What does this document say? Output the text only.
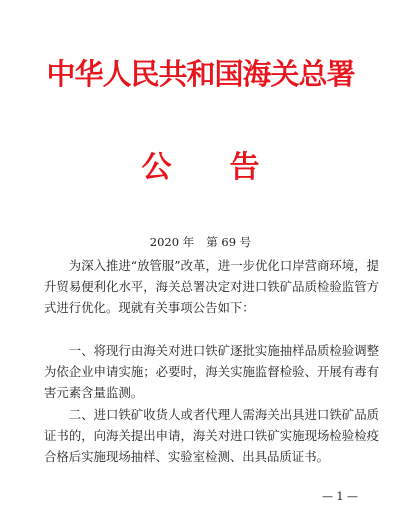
中华人民共和国海关总署
公 告
2020 年 第 69 号

为深入推进“放管服”改革，进一步优化口岸营商环境，提升贸易便利化水平，海关总署决定对进口铁矿品质检验监管方式进行优化。现就有关事项公告如下：

一、将现行由海关对进口铁矿逐批实施抽样品质检验调整为依企业申请实施；必要时，海关实施监督检验、开展有毒有害元素含量监测。

二、进口铁矿收货人或者代理人需海关出具进口铁矿品质证书的，向海关提出申请，海关对进口铁矿实施现场检验检疫合格后实施现场抽样、实验室检测、出具品质证书。

— 1 —
